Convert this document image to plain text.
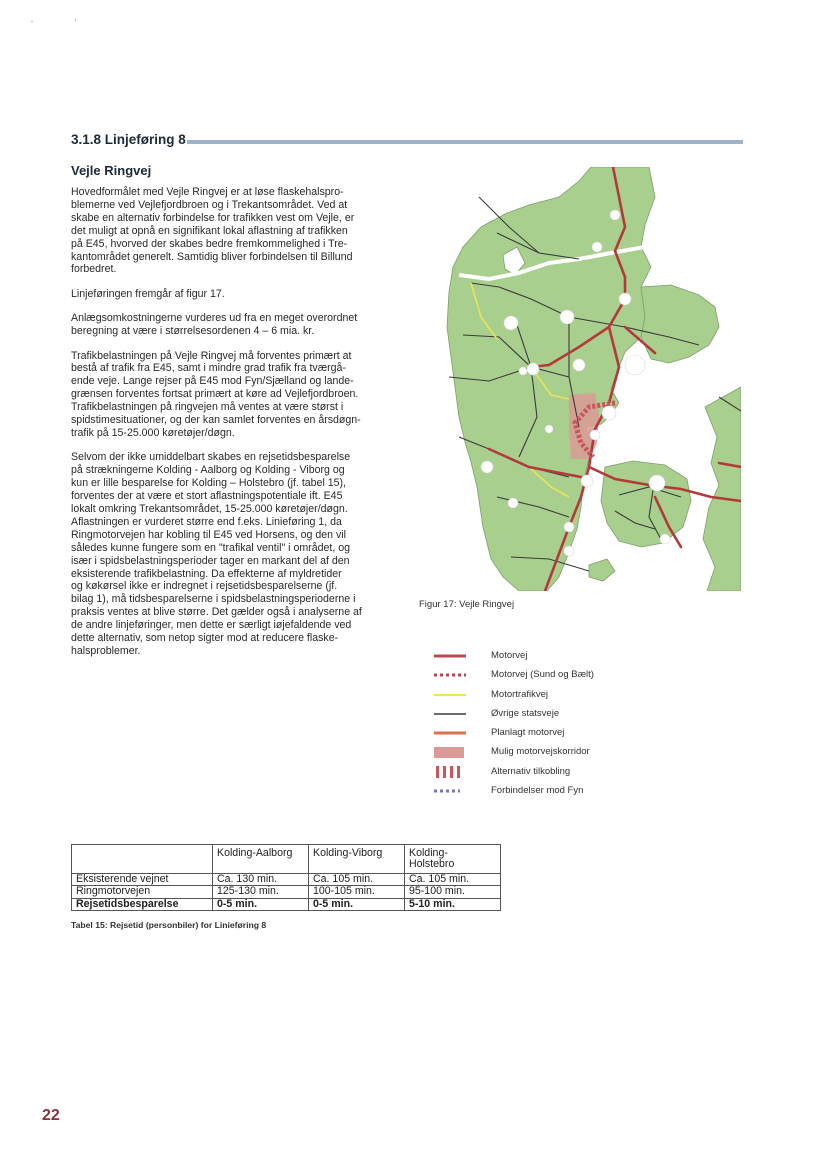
3.1.8 Linjeføring 8
Vejle Ringvej

Hovedformålet med Vejle Ringvej er at løse flaskehalspro-
blemerne ved Vejlefjordbroen og i Trekantsområdet. Ved at
skabe en alternativ forbindelse for trafikken vest om Vejle, er
det muligt at opnå en signifikant lokal aflastning af trafikken
på E45, hvorved der skabes bedre fremkommelighed i Tre-
kantområdet generelt. Samtidig bliver forbindelsen til Billund
forbedret.

Linjeføringen fremgår af figur 17.

Anlægsomkostningerne vurderes ud fra en meget overordnet
beregning at være i størrelsesordenen 4 – 6 mia. kr.

Trafikbelastningen på Vejle Ringvej må forventes primært at
bestå af trafik fra E45, samt i mindre grad trafik fra tværgå-
ende veje. Lange rejser på E45 mod Fyn/Sjælland og lande-
grænsen forventes fortsat primært at køre ad Vejlefjordbroen.
Trafikbelastningen på ringvejen må ventes at være størst i
spidstimesituationer, og der kan samlet forventes en årsdøgn-
trafik på 15-25.000 køretøjer/døgn.

Selvom der ikke umiddelbart skabes en rejsetidsbesparelse
på strækningerne Kolding - Aalborg og Kolding - Viborg og
kun er lille besparelse for Kolding – Holstebro (jf. tabel 15),
forventes der at være et stort aflastningspotentiale ift. E45
lokalt omkring Trekantsområdet, 15-25.000 køretøjer/døgn.
Aflastningen er vurderet større end f.eks. Linieføring 1, da
Ringmotorvejen har kobling til E45 ved Horsens, og den vil
således kunne fungere som en "trafikal ventil" i området, og
især i spidsbelastningsperioder tager en markant del af den
eksisterende trafikbelastning. Da effekterne af myldretider
og køkørsel ikke er indregnet i rejsetidsbesparelserne (jf.
bilag 1), må tidsbesparelserne i spidsbelastningsperioderne i
praksis ventes at blive større. Det gælder også i analyserne af
de andre linjeføringer, men dette er særligt iøjefaldende ved
dette alternativ, som netop sigter mod at reducere flaske-
halsproblemer.

Figur 17: Vejle Ringvej
Motorvej
Motorvej (Sund og Bælt)
Motortrafikvej
Øvrige statsveje
Planlagt motorvej
Mulig motorvejskorridor
Alternativ tilkobling
Forbindelser mod Fyn
	Kolding-Aalborg	Kolding-Viborg	Kolding-
Holstebro
Eksisterende vejnet	Ca. 130 min.	Ca. 105 min.	Ca. 105 min.
Ringmotorvejen	125-130 min.	100-105 min.	95-100 min.
Rejsetidsbesparelse	0-5 min.	0-5 min.	5-10 min.
Tabel 15: Rejsetid (personbiler) for Linieføring 8
22
